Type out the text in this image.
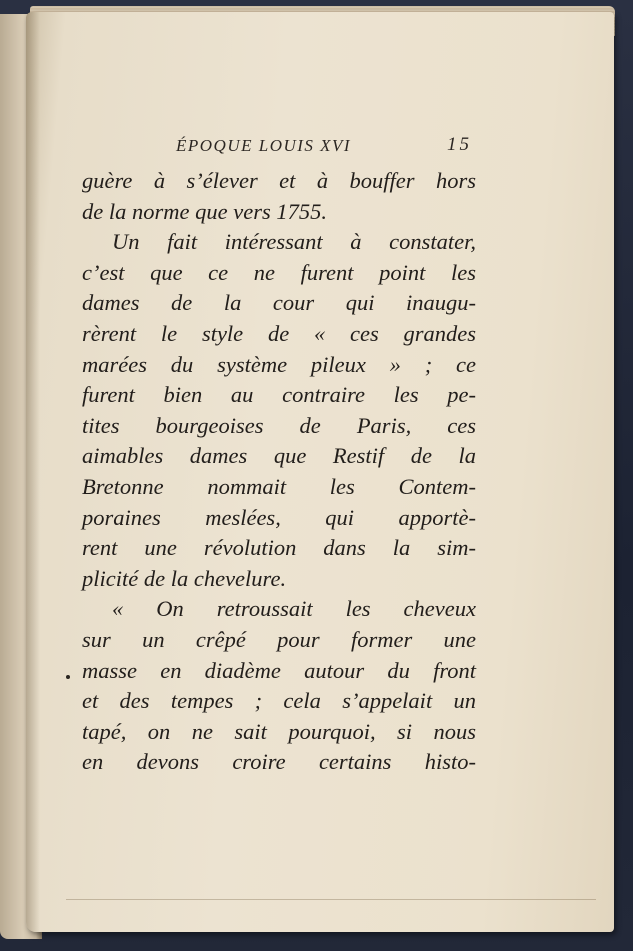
ÉPOQUE LOUIS XVI	15
guère à s’élever et à bouffer hors
de la norme que vers 1755.
Un fait intéressant à constater,
c’est que ce ne furent point les
dames de la cour qui inaugu-
rèrent le style de « ces grandes
marées du système pileux » ; ce
furent bien au contraire les pe-
tites bourgeoises de Paris, ces
aimables dames que Restif de la
Bretonne nommait les Contem-
poraines meslées, qui apportè-
rent une révolution dans la sim-
plicité de la chevelure.
« On retroussait les cheveux
sur un crêpé pour former une
masse en diadème autour du front
et des tempes ; cela s’appelait un
tapé, on ne sait pourquoi, si nous
en devons croire certains histo-
